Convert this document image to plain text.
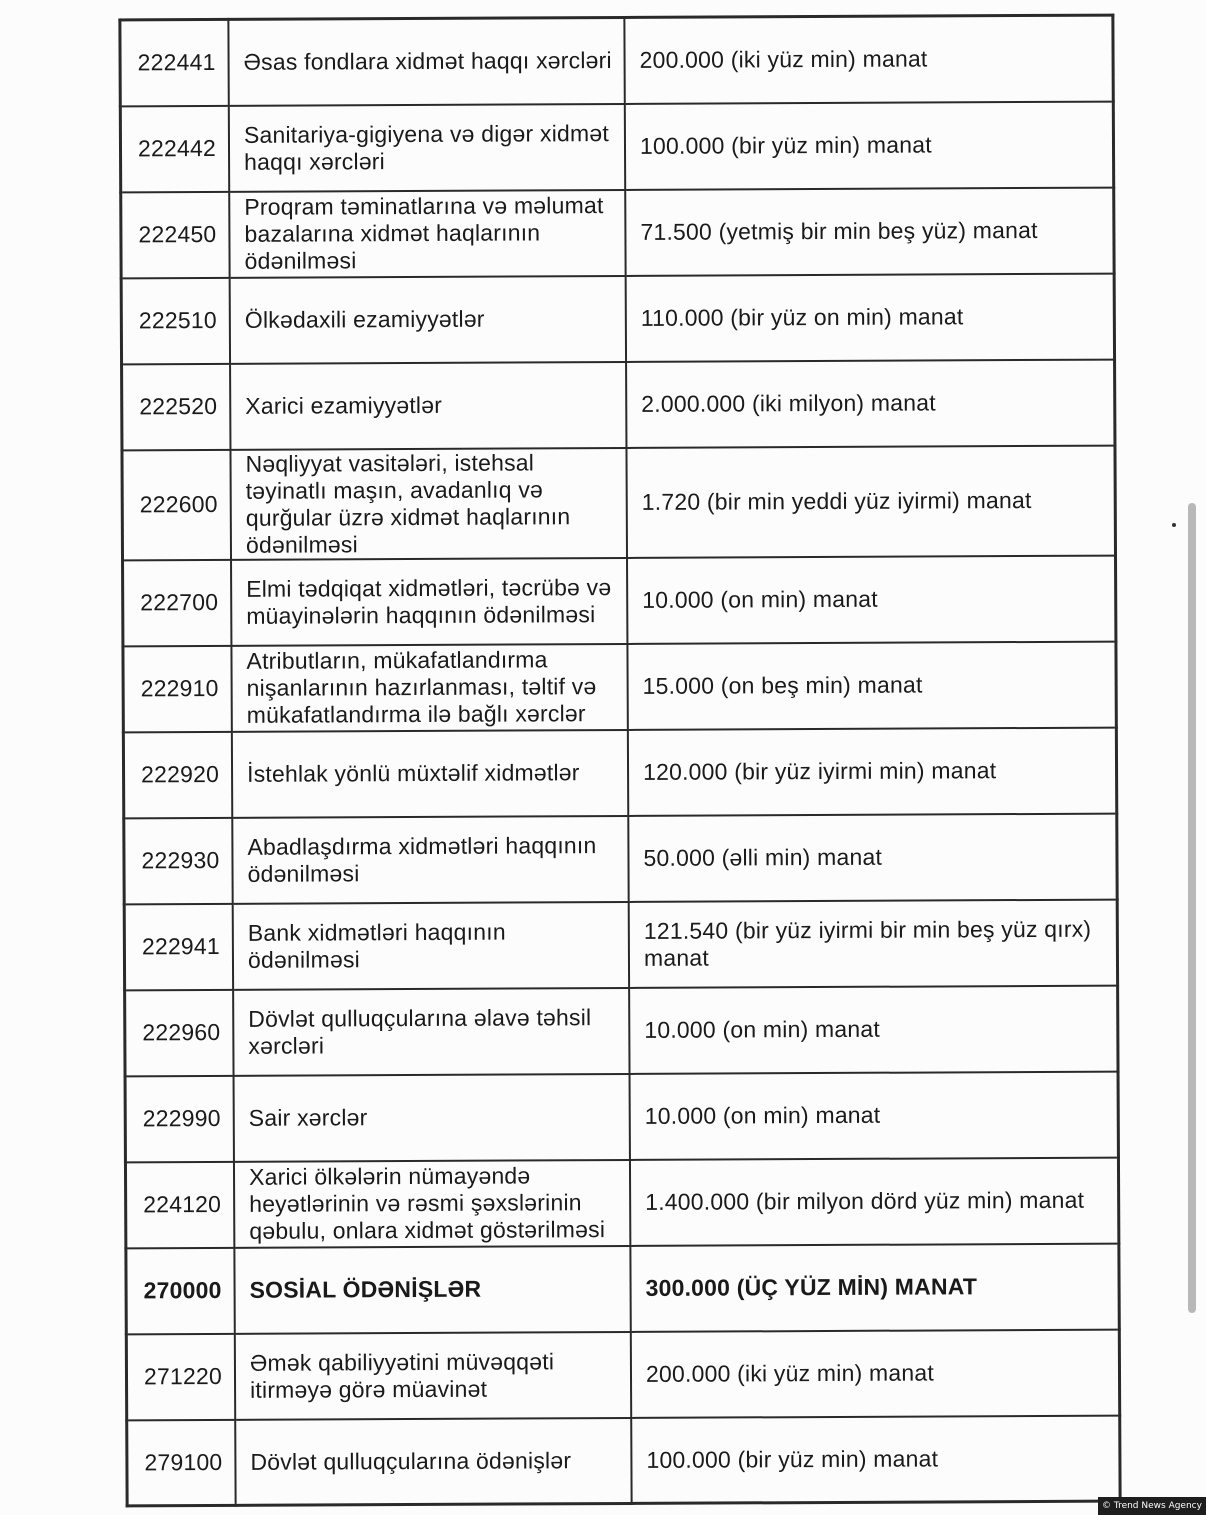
222441	Əsas fondlara xidmət haqqı xərcləri	200.000 (iki yüz min) manat
222442	Sanitariya-gigiyena və digər xidmət haqqı xərcləri	100.000 (bir yüz min) manat
222450	Proqram təminatlarına və məlumat bazalarına xidmət haqlarının ödənilməsi	71.500 (yetmiş bir min beş yüz) manat
222510	Ölkədaxili ezamiyyətlər	110.000 (bir yüz on min) manat
222520	Xarici ezamiyyətlər	2.000.000 (iki milyon) manat
222600	Nəqliyyat vasitələri, istehsal təyinatlı maşın, avadanlıq və qurğular üzrə xidmət haqlarının ödənilməsi	1.720 (bir min yeddi yüz iyirmi) manat
222700	Elmi tədqiqat xidmətləri, təcrübə və müayinələrin haqqının ödənilməsi	10.000 (on min) manat
222910	Atributların, mükafatlandırma nişanlarının hazırlanması, təltif və mükafatlandırma ilə bağlı xərclər	15.000 (on beş min) manat
222920	İstehlak yönlü müxtəlif xidmətlər	120.000 (bir yüz iyirmi min) manat
222930	Abadlaşdırma xidmətləri haqqının ödənilməsi	50.000 (əlli min) manat
222941	Bank xidmətləri haqqının ödənilməsi	121.540 (bir yüz iyirmi bir min beş yüz qırx) manat
222960	Dövlət qulluqçularına əlavə təhsil xərcləri	10.000 (on min) manat
222990	Sair xərclər	10.000 (on min) manat
224120	Xarici ölkələrin nümayəndə heyətlərinin və rəsmi şəxslərinin qəbulu, onlara xidmət göstərilməsi	1.400.000 (bir milyon dörd yüz min) manat
270000	SOSİAL ÖDƏNİŞLƏR	300.000 (ÜÇ YÜZ MİN) MANAT
271220	Əmək qabiliyyətini müvəqqəti itirməyə görə müavinət	200.000 (iki yüz min) manat
279100	Dövlət qulluqçularına ödənişlər	100.000 (bir yüz min) manat
© Trend News Agency
